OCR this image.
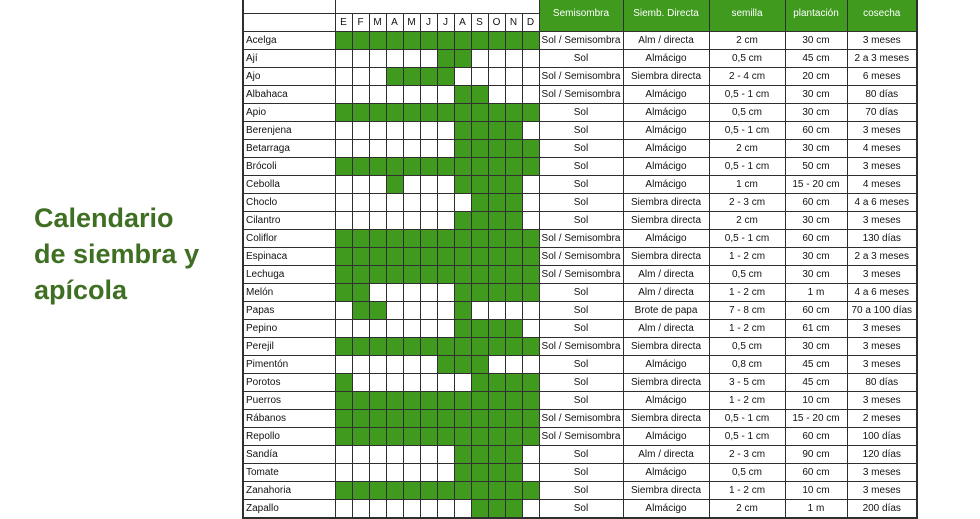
Calendario
de siembra y
apícola
													Semisombra	Siemb. Directa	semilla	plantación	cosecha
	E	F	M	A	M	J	J	A	S	O	N	D					
Acelga													Sol / Semisombra	Alm / directa	2 cm	30 cm	3 meses
Ají													Sol	Almácigo	0,5 cm	45 cm	2 a 3 meses
Ajo													Sol / Semisombra	Siembra directa	2 - 4 cm	20 cm	6 meses
Albahaca													Sol / Semisombra	Almácigo	0,5 - 1 cm	30 cm	80 días
Apio													Sol	Almácigo	0,5 cm	30 cm	70 días
Berenjena													Sol	Almácigo	0,5 - 1 cm	60 cm	3 meses
Betarraga													Sol	Almácigo	2 cm	30 cm	4 meses
Brócoli													Sol	Almácigo	0,5 - 1 cm	50 cm	3 meses
Cebolla													Sol	Almácigo	1 cm	15 - 20 cm	4 meses
Choclo													Sol	Siembra directa	2 - 3 cm	60 cm	4 a 6 meses
Cilantro													Sol	Siembra directa	2 cm	30 cm	3 meses
Coliflor													Sol / Semisombra	Almácigo	0,5 - 1 cm	60 cm	130 días
Espinaca													Sol / Semisombra	Siembra directa	1 - 2 cm	30 cm	2 a 3 meses
Lechuga													Sol / Semisombra	Alm / directa	0,5 cm	30 cm	3 meses
Melón													Sol	Alm / directa	1 - 2 cm	1 m	4 a 6 meses
Papas													Sol	Brote de papa	7 - 8 cm	60 cm	70 a 100 días
Pepino													Sol	Alm / directa	1 - 2 cm	61 cm	3 meses
Perejil													Sol / Semisombra	Siembra directa	0,5 cm	30 cm	3 meses
Pimentón													Sol	Almácigo	0,8 cm	45 cm	3 meses
Porotos													Sol	Siembra directa	3 - 5 cm	45 cm	80 días
Puerros													Sol	Almácigo	1 - 2 cm	10 cm	3 meses
Rábanos													Sol / Semisombra	Siembra directa	0,5 - 1 cm	15 - 20 cm	2 meses
Repollo													Sol / Semisombra	Almácigo	0,5 - 1 cm	60 cm	100 días
Sandía													Sol	Alm / directa	2 - 3 cm	90 cm	120 días
Tomate													Sol	Almácigo	0,5 cm	60 cm	3 meses
Zanahoria													Sol	Siembra directa	1 - 2 cm	10 cm	3 meses
Zapallo													Sol	Almácigo	2 cm	1 m	200 días
